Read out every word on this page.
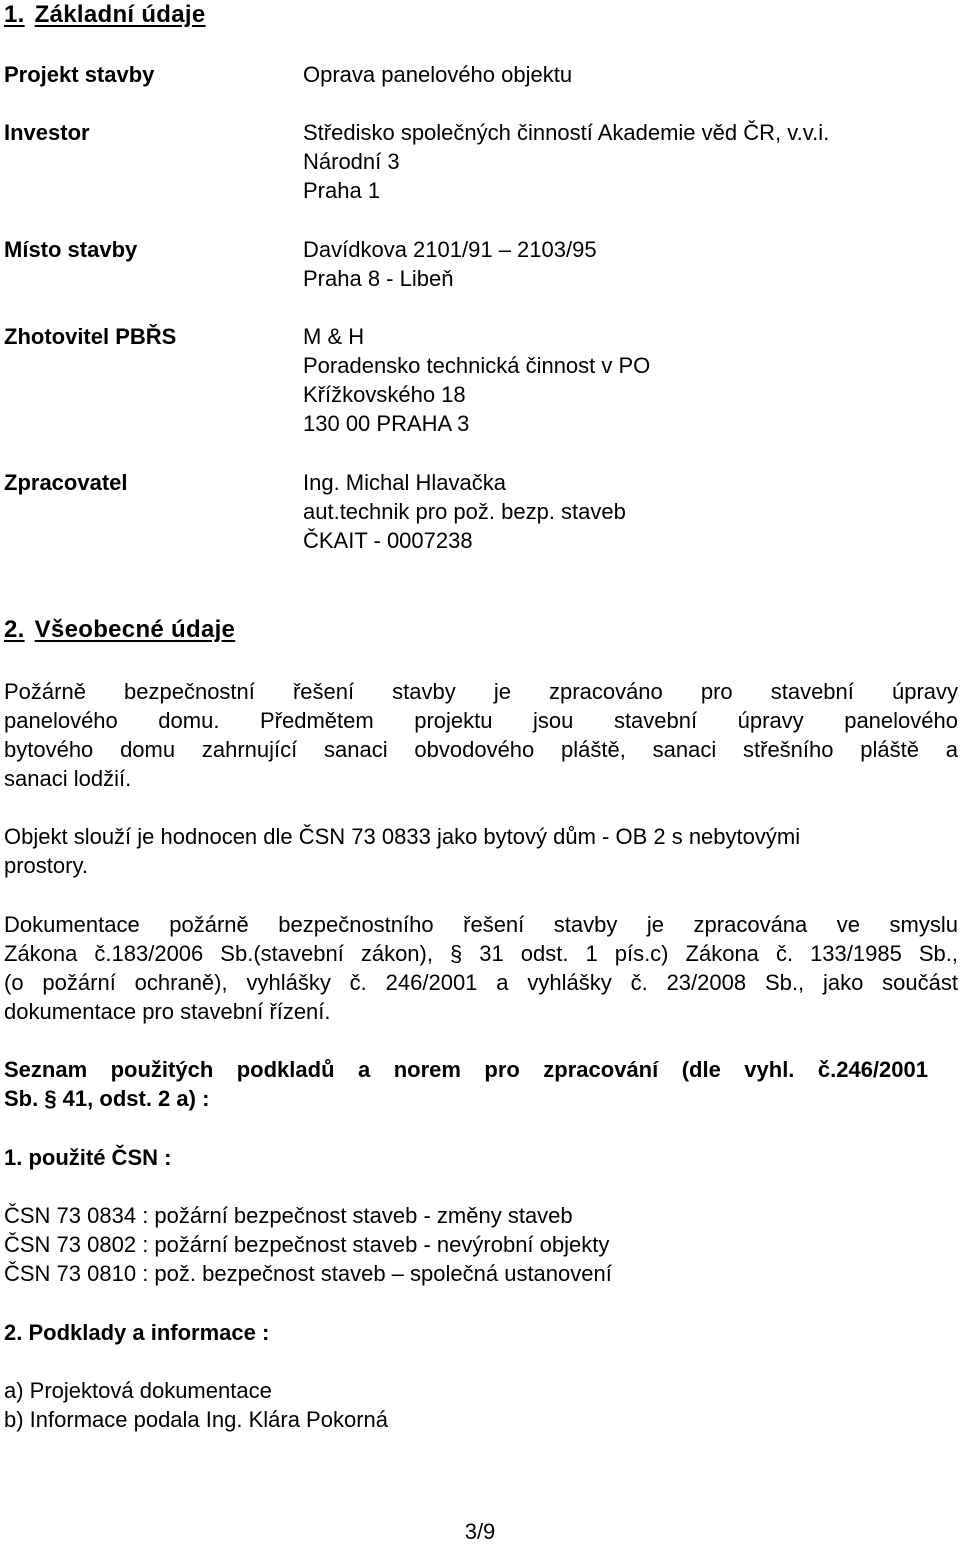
1. Základní údaje
Projekt stavby	Oprava panelového objektu
Investor	Středisko společných činností Akademie věd ČR, v.v.i.
Národní 3
Praha 1
Místo stavby	Davídkova 2101/91 – 2103/95
Praha 8 - Libeň
Zhotovitel PBŘS	M & H
Poradensko technická činnost v PO
Křížkovského 18
130 00 PRAHA 3
Zpracovatel	Ing. Michal Hlavačka
aut.technik pro pož. bezp. staveb
ČKAIT - 0007238
2. Všeobecné údaje
Požárně bezpečnostní řešení stavby je zpracováno pro stavební úpravy
panelového domu. Předmětem projektu jsou stavební úpravy panelového
bytového domu zahrnující sanaci obvodového pláště, sanaci střešního pláště a
sanaci lodžií.
Objekt slouží je hodnocen dle ČSN 73 0833 jako bytový dům - OB 2 s nebytovými
prostory.
Dokumentace požárně bezpečnostního řešení stavby je zpracována ve smyslu
Zákona č.183/2006 Sb.(stavební zákon), § 31 odst. 1 pís.c) Zákona č. 133/1985 Sb.,
(o požární ochraně), vyhlášky č. 246/2001 a vyhlášky č. 23/2008 Sb., jako součást
dokumentace pro stavební řízení.
Seznam použitých podkladů a norem pro zpracování (dle vyhl. č.246/2001
Sb. § 41, odst. 2 a) :
1. použité ČSN :
ČSN 73 0834 : požární bezpečnost staveb - změny staveb
ČSN 73 0802 : požární bezpečnost staveb - nevýrobní objekty
ČSN 73 0810 : pož. bezpečnost staveb – společná ustanovení
2. Podklady a informace :
a) Projektová dokumentace
b) Informace podala Ing. Klára Pokorná
3/9
